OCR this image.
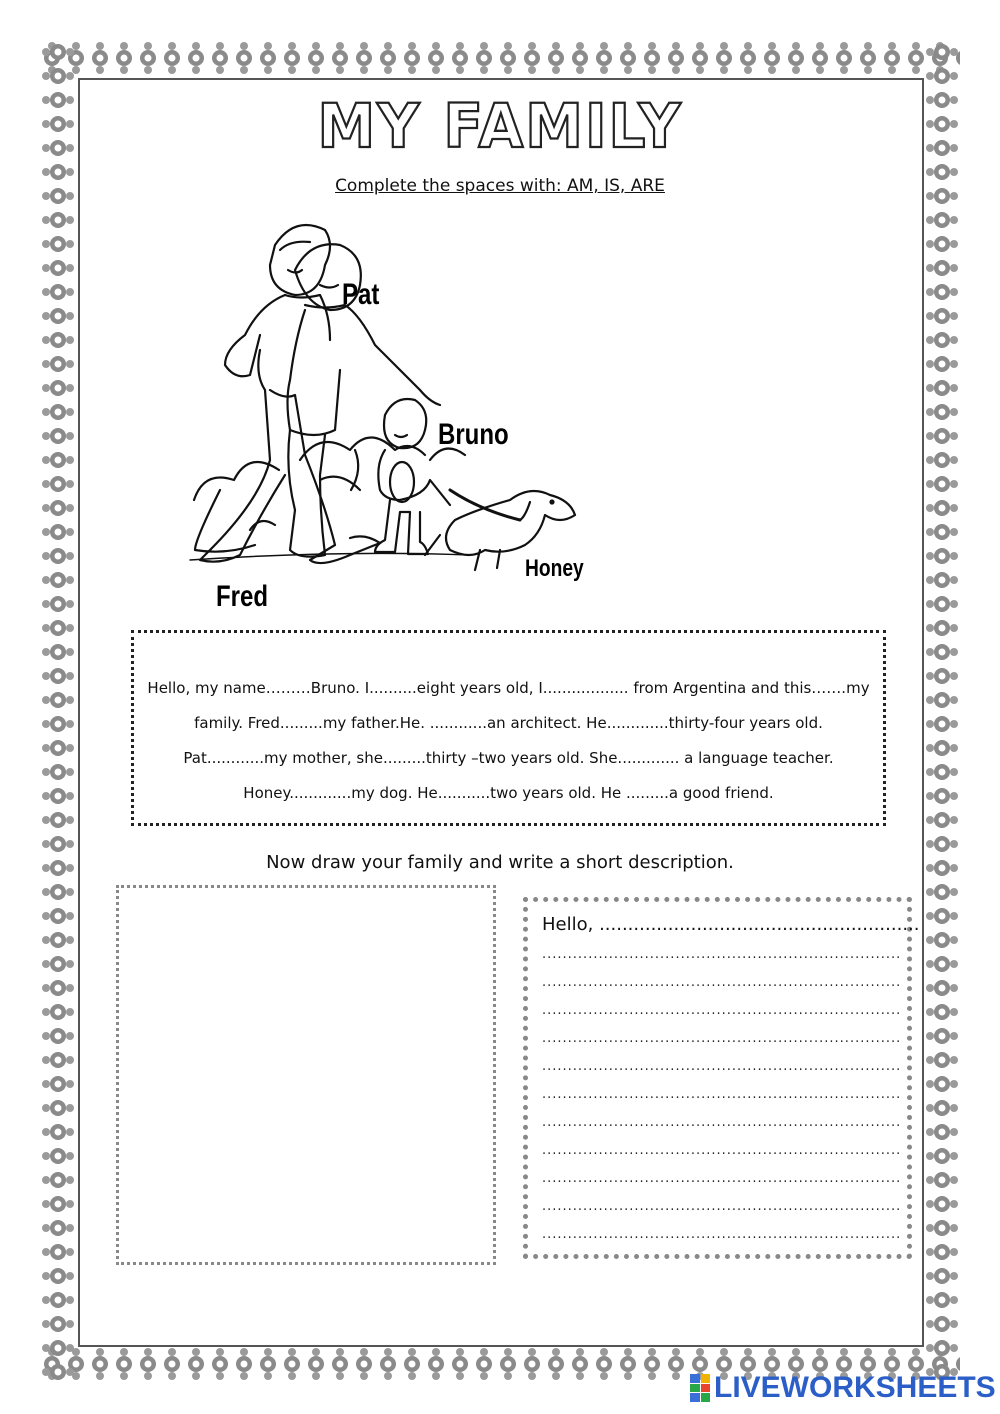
MY FAMILY
Complete the spaces with: AM, IS, ARE
Pat
Bruno
Fred
Honey
Hello, my name………Bruno. I..........eight years old, I.................. from Argentina and this…….my
family. Fred.........my father.He. ............an architect. He.............thirty-four years old.
Pat............my mother, she.........thirty –two years old. She............. a language teacher.
Honey.............my dog. He...........two years old. He .........a good friend.
Now draw your family and write a short description.
Hello, ........................................................
......................................................................
......................................................................
......................................................................
......................................................................
......................................................................
......................................................................
......................................................................
......................................................................
......................................................................
......................................................................
......................................................................
LIVEWORKSHEETS
